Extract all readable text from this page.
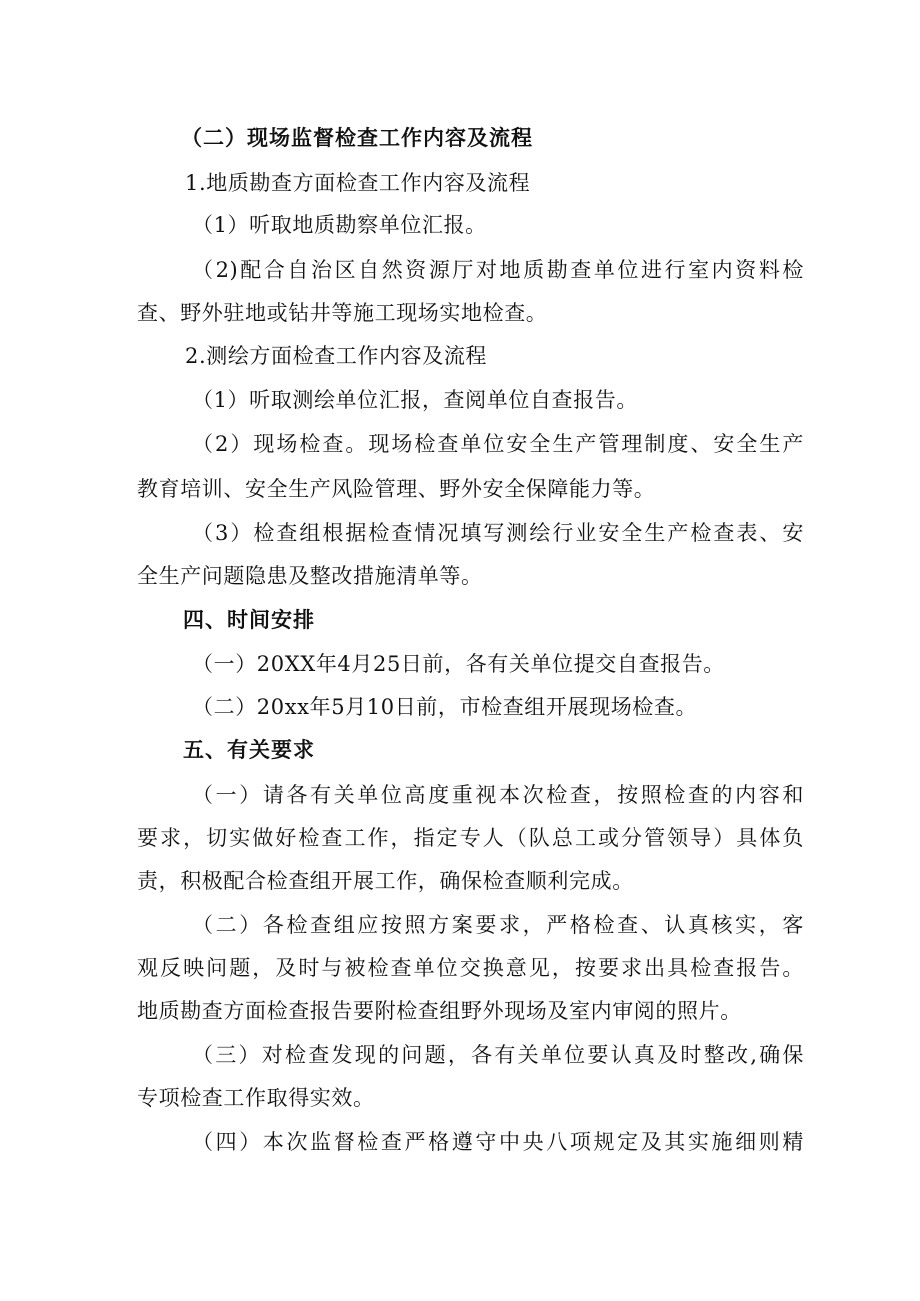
（二）现场监督检查工作内容及流程
1.地质勘查方面检查工作内容及流程
（1）听取地质勘察单位汇报。
（2)配合自治区自然资源厅对地质勘查单位进行室内资料检
查、野外驻地或钻井等施工现场实地检查。
2.测绘方面检查工作内容及流程
（1）听取测绘单位汇报，查阅单位自查报告。
（2）现场检查。现场检查单位安全生产管理制度、安全生产
教育培训、安全生产风险管理、野外安全保障能力等。
（3）检查组根据检查情况填写测绘行业安全生产检查表、安
全生产问题隐患及整改措施清单等。
四、时间安排
（一）20XX年4月25日前，各有关单位提交自查报告。
（二）20xx年5月10日前，市检查组开展现场检查。
五、有关要求
（一）请各有关单位高度重视本次检查，按照检查的内容和
要求，切实做好检查工作，指定专人（队总工或分管领导）具体负
责，积极配合检查组开展工作，确保检查顺利完成。
（二）各检查组应按照方案要求，严格检查、认真核实，客
观反映问题，及时与被检查单位交换意见，按要求出具检查报告。
地质勘查方面检查报告要附检查组野外现场及室内审阅的照片。
（三）对检查发现的问题，各有关单位要认真及时整改,确保
专项检查工作取得实效。
（四）本次监督检查严格遵守中央八项规定及其实施细则精
